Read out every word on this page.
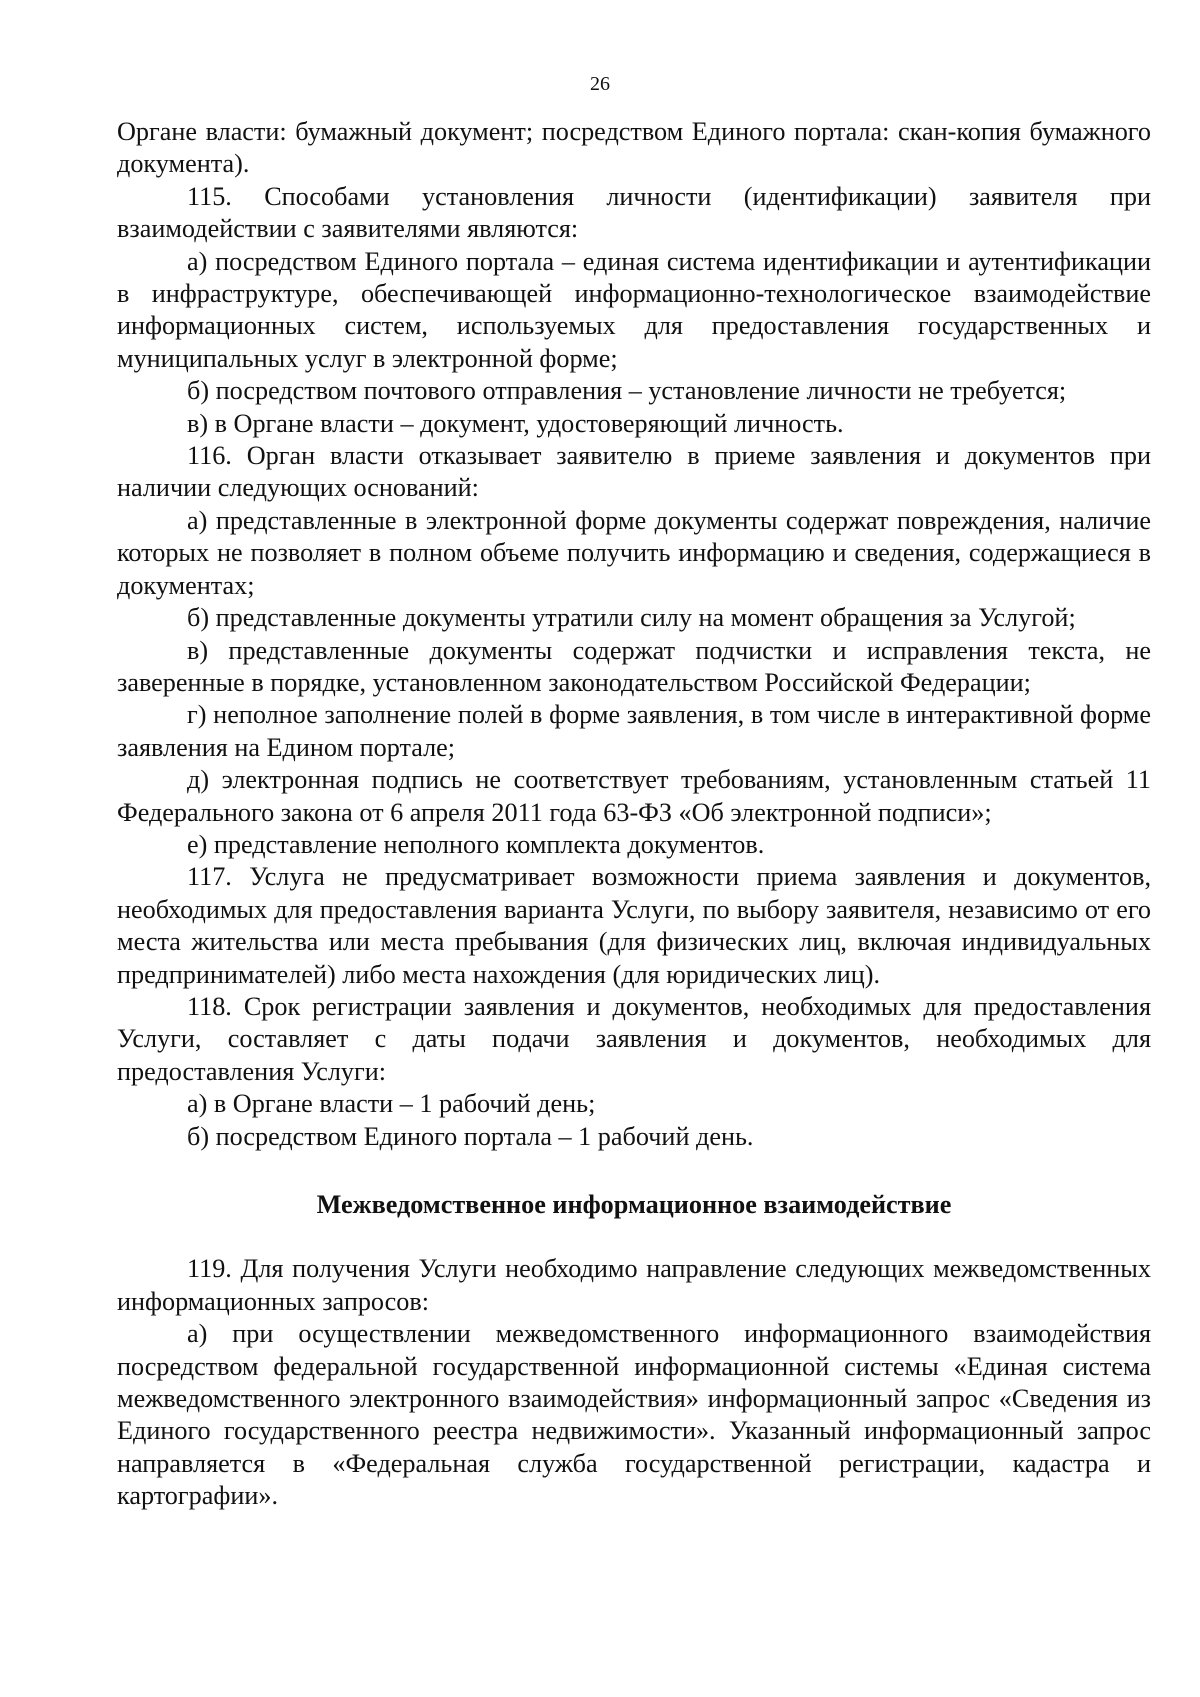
26

Органе власти: бумажный документ; посредством Единого портала: скан-копия бумажного документа).

115. Способами установления личности (идентификации) заявителя при взаимодействии с заявителями являются:

а) посредством Единого портала – единая система идентификации и аутентификации в инфраструктуре, обеспечивающей информационно-технологическое взаимодействие информационных систем, используемых для предоставления государственных и муниципальных услуг в электронной форме;

б) посредством почтового отправления – установление личности не требуется;

в) в Органе власти – документ, удостоверяющий личность.

116. Орган власти отказывает заявителю в приеме заявления и документов при наличии следующих оснований:

а) представленные в электронной форме документы содержат повреждения, наличие которых не позволяет в полном объеме получить информацию и сведения, содержащиеся в документах;

б) представленные документы утратили силу на момент обращения за Услугой;

в) представленные документы содержат подчистки и исправления текста, не заверенные в порядке, установленном законодательством Российской Федерации;

г) неполное заполнение полей в форме заявления, в том числе в интерактивной форме заявления на Едином портале;

д) электронная подпись не соответствует требованиям, установленным статьей 11 Федерального закона от 6 апреля 2011 года 63-ФЗ «Об электронной подписи»;

е) представление неполного комплекта документов.

117. Услуга не предусматривает возможности приема заявления и документов, необходимых для предоставления варианта Услуги, по выбору заявителя, независимо от его места жительства или места пребывания (для физических лиц, включая индивидуальных предпринимателей) либо места нахождения (для юридических лиц).

118. Срок регистрации заявления и документов, необходимых для предоставления Услуги, составляет с даты подачи заявления и документов, необходимых для предоставления Услуги:

а) в Органе власти – 1 рабочий день;

б) посредством Единого портала – 1 рабочий день.

Межведомственное информационное взаимодействие

119. Для получения Услуги необходимо направление следующих межведомственных информационных запросов:

а) при осуществлении межведомственного информационного взаимодействия посредством федеральной государственной информационной системы «Единая система межведомственного электронного взаимодействия» информационный запрос «Сведения из Единого государственного реестра недвижимости». Указанный информационный запрос направляется в «Федеральная служба государственной регистрации, кадастра и картографии».
